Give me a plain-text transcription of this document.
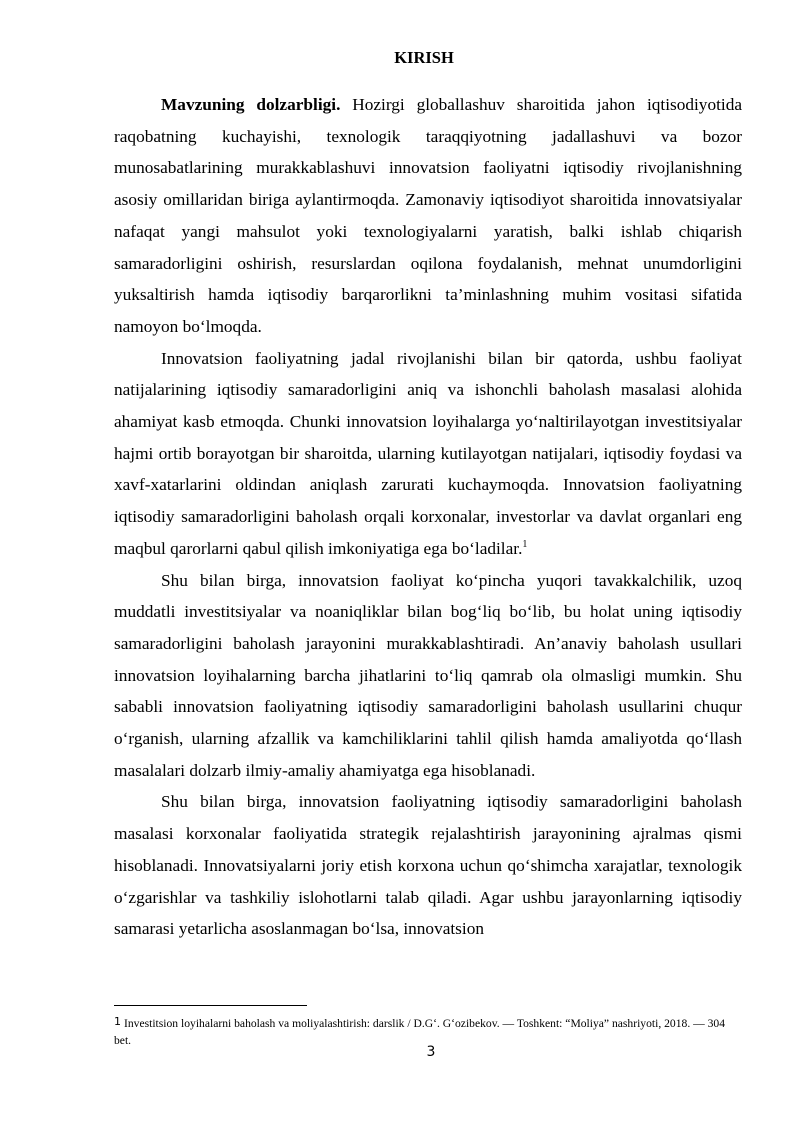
KIRISH

Mavzuning dolzarbligi. Hozirgi globallashuv sharoitida jahon iqtisodiyotida raqobatning kuchayishi, texnologik taraqqiyotning jadallashuvi va bozor munosabatlarining murakkablashuvi innovatsion faoliyatni iqtisodiy rivojlanishning asosiy omillaridan biriga aylantirmoqda. Zamonaviy iqtisodiyot sharoitida innovatsiyalar nafaqat yangi mahsulot yoki texnologiyalarni yaratish, balki ishlab chiqarish samaradorligini oshirish, resurslardan oqilona foydalanish, mehnat unumdorligini yuksaltirish hamda iqtisodiy barqarorlikni ta’minlashning muhim vositasi sifatida namoyon bo‘lmoqda.

Innovatsion faoliyatning jadal rivojlanishi bilan bir qatorda, ushbu faoliyat natijalarining iqtisodiy samaradorligini aniq va ishonchli baholash masalasi alohida ahamiyat kasb etmoqda. Chunki innovatsion loyihalarga yo‘naltirilayotgan investitsiyalar hajmi ortib borayotgan bir sharoitda, ularning kutilayotgan natijalari, iqtisodiy foydasi va xavf-xatarlarini oldindan aniqlash zarurati kuchaymoqda. Innovatsion faoliyatning iqtisodiy samaradorligini baholash orqali korxonalar, investorlar va davlat organlari eng maqbul qarorlarni qabul qilish imkoniyatiga ega bo‘ladilar.$^1$

Shu bilan birga, innovatsion faoliyat ko‘pincha yuqori tavakkalchilik, uzoq muddatli investitsiyalar va noaniqliklar bilan bog‘liq bo‘lib, bu holat uning iqtisodiy samaradorligini baholash jarayonini murakkablashtiradi. An’anaviy baholash usullari innovatsion loyihalarning barcha jihatlarini to‘liq qamrab ola olmasligi mumkin. Shu sababli innovatsion faoliyatning iqtisodiy samaradorligini baholash usullarini chuqur o‘rganish, ularning afzallik va kamchiliklarini tahlil qilish hamda amaliyotda qo‘llash masalalari dolzarb ilmiy-amaliy ahamiyatga ega hisoblanadi.

Shu bilan birga, innovatsion faoliyatning iqtisodiy samaradorligini baholash masalasi korxonalar faoliyatida strategik rejalashtirish jarayonining ajralmas qismi hisoblanadi. Innovatsiyalarni joriy etish korxona uchun qo‘shimcha xarajatlar, texnologik o‘zgarishlar va tashkiliy islohotlarni talab qiladi. Agar ushbu jarayonlarning iqtisodiy samarasi yetarlicha asoslanmagan bo‘lsa, innovatsion

1 Investitsion loyihalarni baholash va moliyalashtirish: darslik / D.G‘. G‘ozibekov. — Toshkent: “Moliya” nashriyoti, 2018. — 304 bet.

3
